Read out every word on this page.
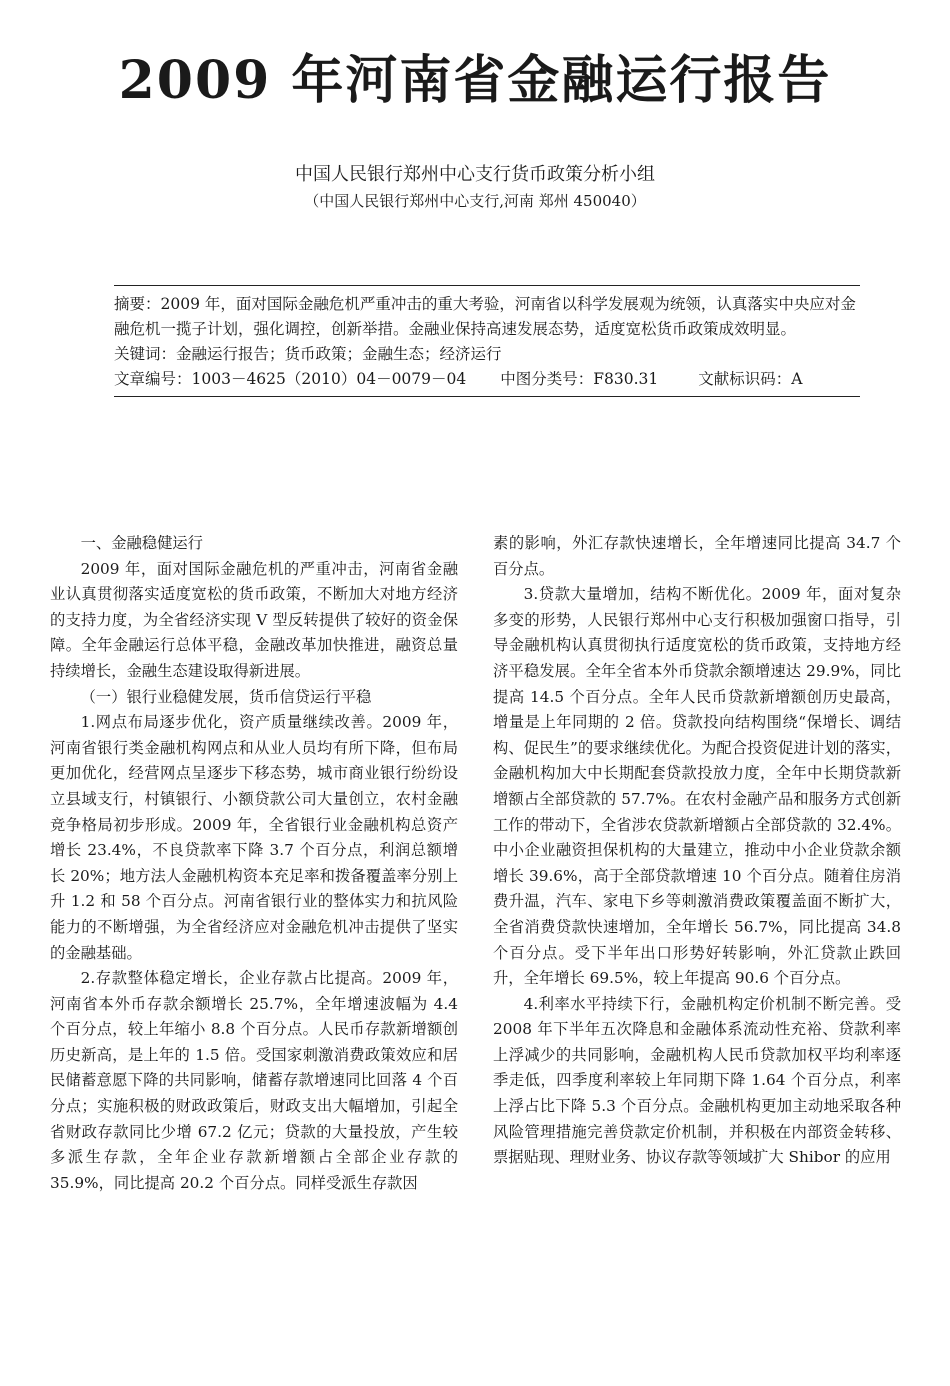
2009 年河南省金融运行报告

中国人民银行郑州中心支行货币政策分析小组

（中国人民银行郑州中心支行,河南 郑州 450040）

摘要：2009 年，面对国际金融危机严重冲击的重大考验，河南省以科学发展观为统领，认真落实中央应对金融危机一揽子计划，强化调控，创新举措。金融业保持高速发展态势，适度宽松货币政策成效明显。

关键词：金融运行报告；货币政策；金融生态；经济运行

文章编号：1003－4625（2010）04－0079－04 中图分类号：F830.31	文献标识码：A

一、金融稳健运行

2009 年，面对国际金融危机的严重冲击，河南省金融业认真贯彻落实适度宽松的货币政策，不断加大对地方经济的支持力度，为全省经济实现 V 型反转提供了较好的资金保障。全年金融运行总体平稳，金融改革加快推进，融资总量持续增长，金融生态建设取得新进展。

（一）银行业稳健发展，货币信贷运行平稳

1.网点布局逐步优化，资产质量继续改善。2009 年，河南省银行类金融机构网点和从业人员均有所下降，但布局更加优化，经营网点呈逐步下移态势，城市商业银行纷纷设立县域支行，村镇银行、小额贷款公司大量创立，农村金融竞争格局初步形成。2009 年，全省银行业金融机构总资产增长 23.4%，不良贷款率下降 3.7 个百分点，利润总额增长 20%；地方法人金融机构资本充足率和拨备覆盖率分别上升 1.2 和 58 个百分点。河南省银行业的整体实力和抗风险能力的不断增强，为全省经济应对金融危机冲击提供了坚实的金融基础。

2.存款整体稳定增长，企业存款占比提高。2009 年，河南省本外币存款余额增长 25.7%，全年增速波幅为 4.4 个百分点，较上年缩小 8.8 个百分点。人民币存款新增额创历史新高，是上年的 1.5 倍。受国家刺激消费政策效应和居民储蓄意愿下降的共同影响，储蓄存款增速同比回落 4 个百分点；实施积极的财政政策后，财政支出大幅增加，引起全省财政存款同比少增 67.2 亿元；贷款的大量投放，产生较多派生存款，全年企业存款新增额占全部企业存款的 35.9%，同比提高 20.2 个百分点。同样受派生存款因

素的影响，外汇存款快速增长，全年增速同比提高 34.7 个百分点。

3.贷款大量增加，结构不断优化。2009 年，面对复杂多变的形势，人民银行郑州中心支行积极加强窗口指导，引导金融机构认真贯彻执行适度宽松的货币政策，支持地方经济平稳发展。全年全省本外币贷款余额增速达 29.9%，同比提高 14.5 个百分点。全年人民币贷款新增额创历史最高，增量是上年同期的 2 倍。贷款投向结构围绕“保增长、调结构、促民生”的要求继续优化。为配合投资促进计划的落实，金融机构加大中长期配套贷款投放力度，全年中长期贷款新增额占全部贷款的 57.7%。在农村金融产品和服务方式创新工作的带动下，全省涉农贷款新增额占全部贷款的 32.4%。中小企业融资担保机构的大量建立，推动中小企业贷款余额增长 39.6%，高于全部贷款增速 10 个百分点。随着住房消费升温，汽车、家电下乡等刺激消费政策覆盖面不断扩大，全省消费贷款快速增加，全年增长 56.7%，同比提高 34.8 个百分点。受下半年出口形势好转影响，外汇贷款止跌回升，全年增长 69.5%，较上年提高 90.6 个百分点。

4.利率水平持续下行，金融机构定价机制不断完善。受 2008 年下半年五次降息和金融体系流动性充裕、贷款利率上浮减少的共同影响，金融机构人民币贷款加权平均利率逐季走低，四季度利率较上年同期下降 1.64 个百分点，利率上浮占比下降 5.3 个百分点。金融机构更加主动地采取各种风险管理措施完善贷款定价机制，并积极在内部资金转移、票据贴现、理财业务、协议存款等领域扩大 Shibor 的应用
